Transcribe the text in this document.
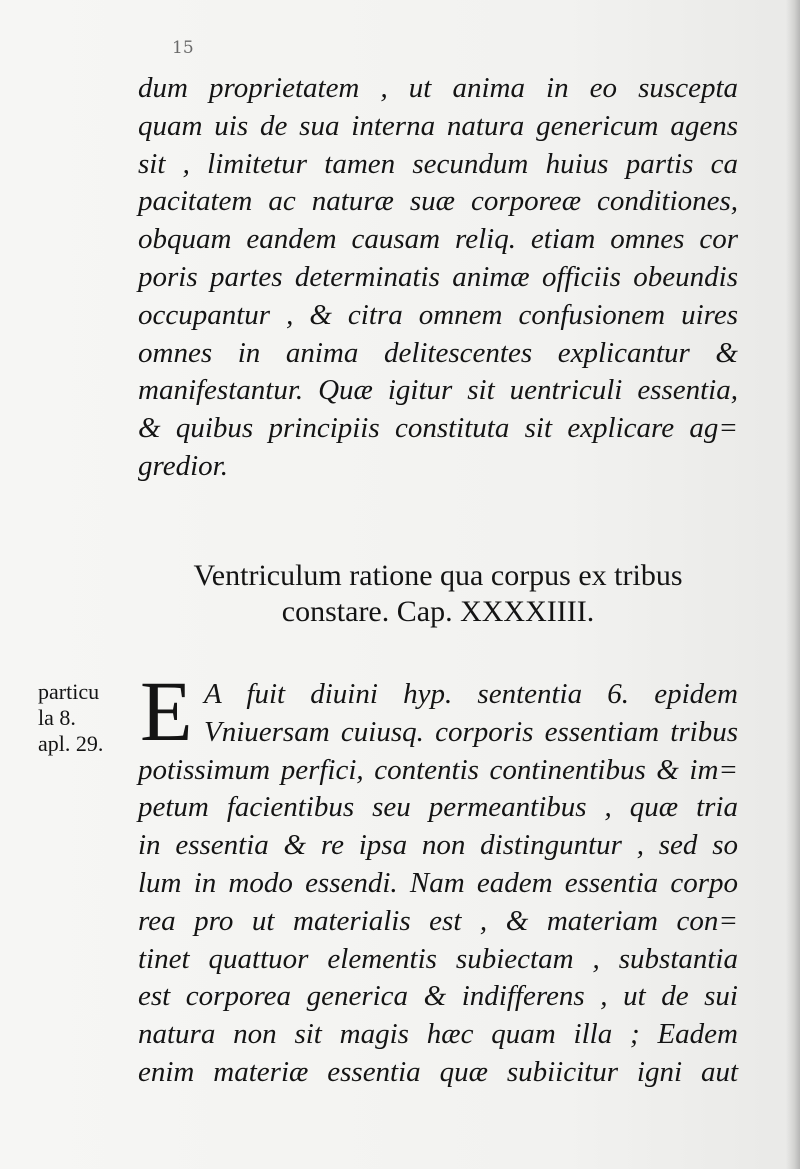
15
⠀
dum proprietatem , ut anima in eo suscepta
quam uis de sua interna natura genericum agens
sit , limitetur tamen secundum huius partis ca
pacitatem ac naturæ suæ corporeæ conditiones,
obquam eandem causam reliq. etiam omnes cor
poris partes determinatis animæ officiis obeundis
occupantur , & citra omnem confusionem uires
omnes in anima delitescentes explicantur &
manifestantur. Quæ igitur sit uentriculi essentia,
& quibus principiis constituta sit explicare ag=
gredior.
Ventriculum ratione qua corpus ex tribus
constare. Cap. XXXXIIII.
particu
la 8.
apl. 29. E A fuit diuini hyp. sententia 6. epidem
Vniuersam cuiusq. corporis essentiam tribus
potissimum perfici, contentis continentibus & im=
petum facientibus seu permeantibus , quæ tria
in essentia & re ipsa non distinguntur , sed so
lum in modo essendi. Nam eadem essentia corpo
rea pro ut materialis est , & materiam con=
tinet quattuor elementis subiectam , substantia
est corporea generica & indifferens , ut de sui
natura non sit magis hæc quam illa ; Eadem
enim materiæ essentia quæ subiicitur igni aut
